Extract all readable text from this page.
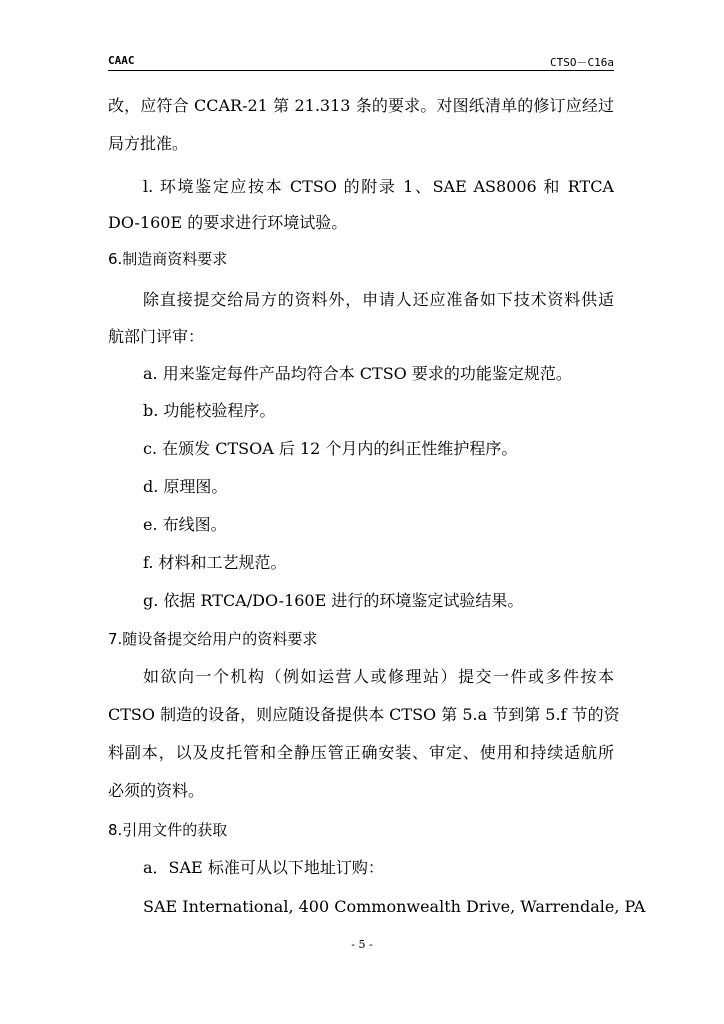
CAAC	CTSO－C16a
改，应符合 CCAR-21 第 21.313 条的要求。对图纸清单的修订应经过
局方批准。
l. 环境鉴定应按本 CTSO 的附录 1、SAE AS8006 和 RTCA
DO-160E 的要求进行环境试验。
6.制造商资料要求
除直接提交给局方的资料外，申请人还应准备如下技术资料供适
航部门评审：
a. 用来鉴定每件产品均符合本 CTSO 要求的功能鉴定规范。
b. 功能校验程序。
c. 在颁发 CTSOA 后 12 个月内的纠正性维护程序。
d. 原理图。
e. 布线图。
f. 材料和工艺规范。
g. 依据 RTCA/DO-160E 进行的环境鉴定试验结果。
7.随设备提交给用户的资料要求
如欲向一个机构（例如运营人或修理站）提交一件或多件按本
CTSO 制造的设备，则应随设备提供本 CTSO 第 5.a 节到第 5.f 节的资
料副本，以及皮托管和全静压管正确安装、审定、使用和持续适航所
必须的资料。
8.引用文件的获取
a．SAE 标准可从以下地址订购：
SAE International, 400 Commonwealth Drive, Warrendale, PA
- 5 -
